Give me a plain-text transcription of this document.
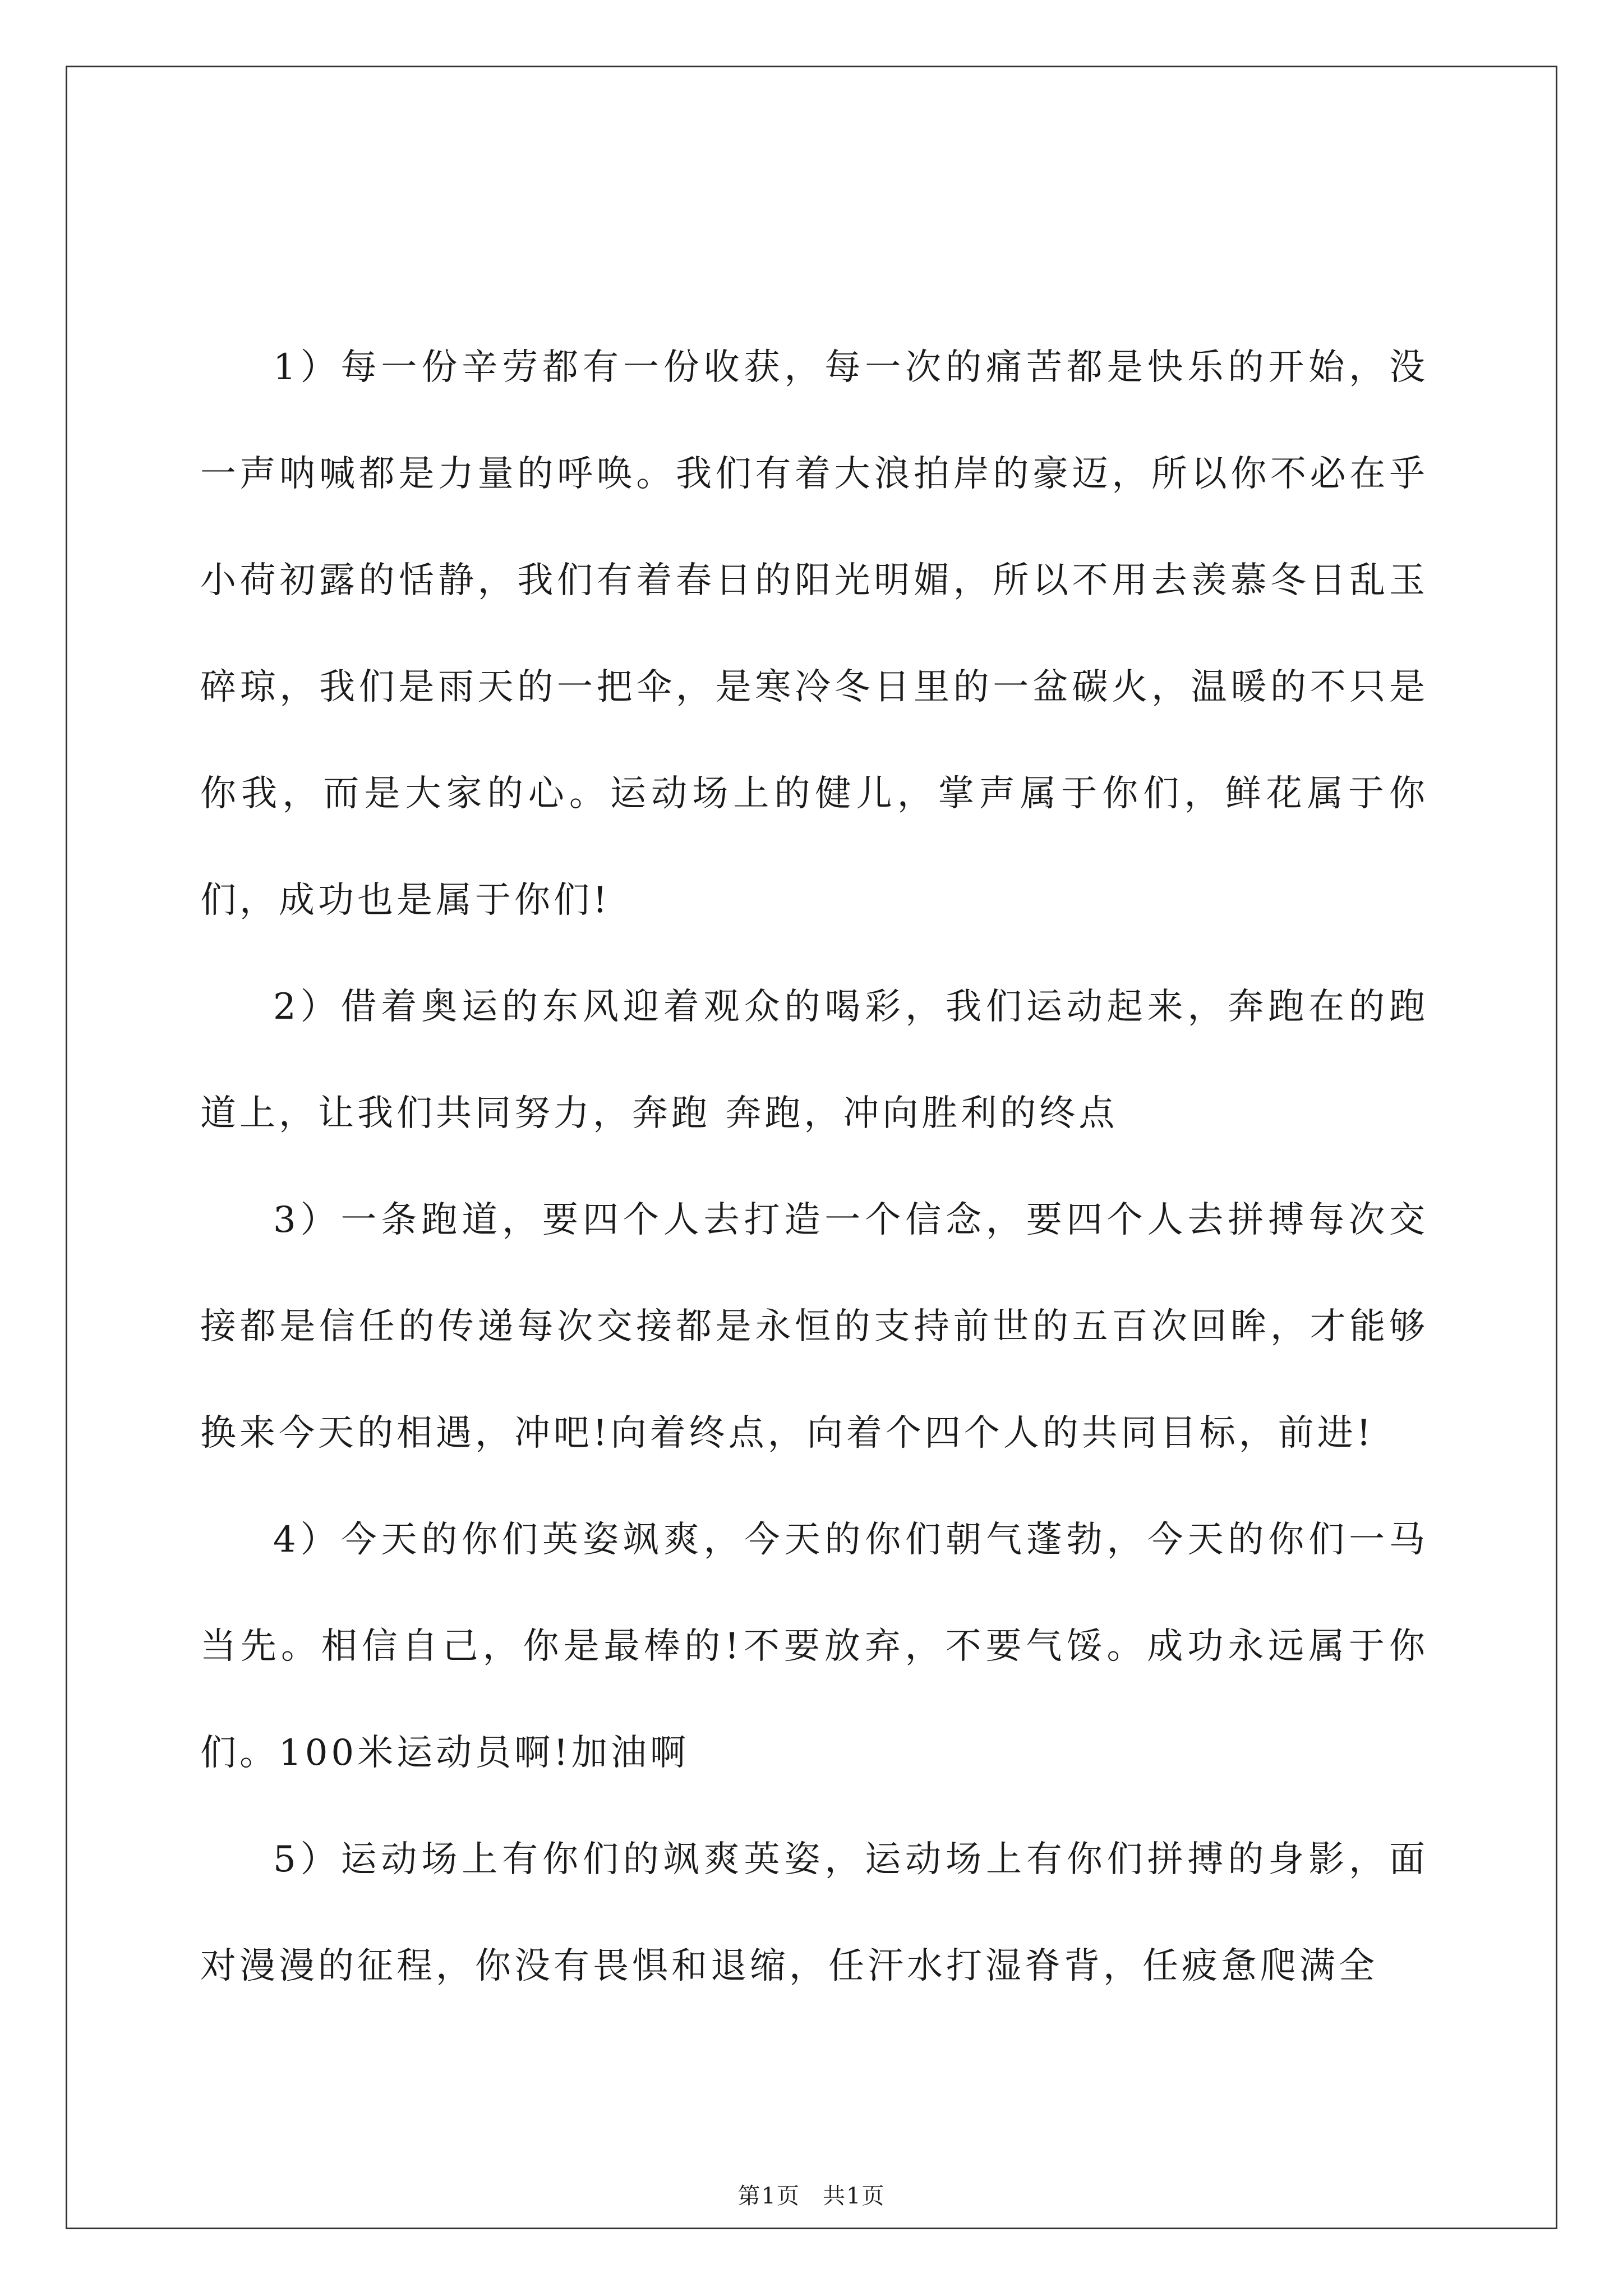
1）每一份辛劳都有一份收获，每一次的痛苦都是快乐的开始，没一声呐喊都是力量的呼唤。我们有着大浪拍岸的豪迈，所以你不必在乎小荷初露的恬静，我们有着春日的阳光明媚，所以不用去羡慕冬日乱玉碎琼，我们是雨天的一把伞，是寒冷冬日里的一盆碳火，温暖的不只是你我，而是大家的心。运动场上的健儿，掌声属于你们，鲜花属于你们，成功也是属于你们!

2）借着奥运的东风迎着观众的喝彩，我们运动起来，奔跑在的跑道上，让我们共同努力，奔跑 奔跑，冲向胜利的终点

3）一条跑道，要四个人去打造一个信念，要四个人去拼搏每次交接都是信任的传递每次交接都是永恒的支持前世的五百次回眸，才能够换来今天的相遇，冲吧!向着终点，向着个四个人的共同目标，前进!

4）今天的你们英姿飒爽，今天的你们朝气蓬勃，今天的你们一马当先。相信自己，你是最棒的!不要放弃，不要气馁。成功永远属于你们。100米运动员啊!加油啊

5）运动场上有你们的飒爽英姿，运动场上有你们拼搏的身影，面对漫漫的征程，你没有畏惧和退缩，任汗水打湿脊背，任疲惫爬满全

第1页 共1页
